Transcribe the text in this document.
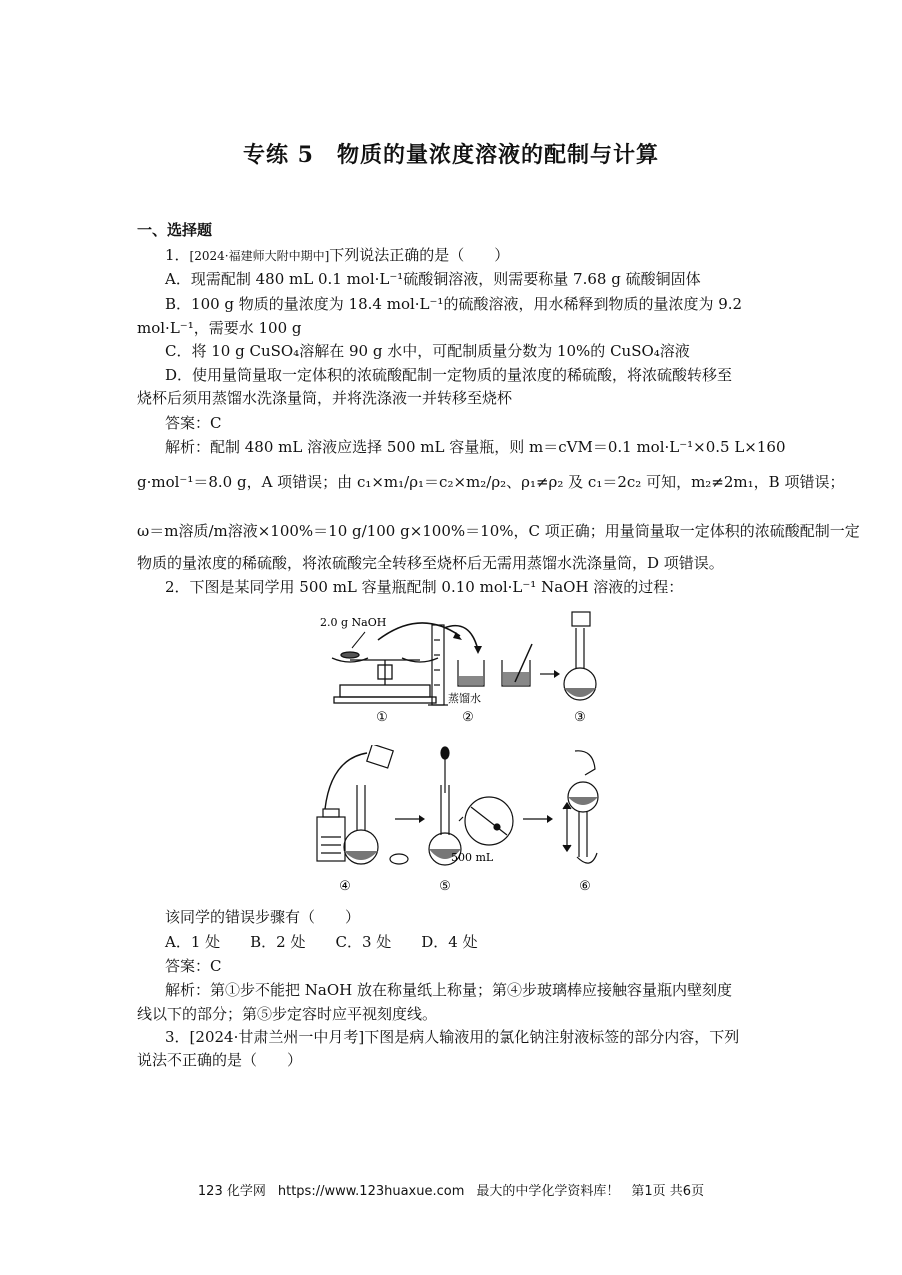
专练 5　物质的量浓度溶液的配制与计算
一、选择题
1．[2024·福建师大附中期中]下列说法正确的是（　　）
A．现需配制 480 mL 0.1 mol·L⁻¹硫酸铜溶液，则需要称量 7.68 g 硫酸铜固体
B．100 g 物质的量浓度为 18.4 mol·L⁻¹的硫酸溶液，用水稀释到物质的量浓度为 9.2
mol·L⁻¹，需要水 100 g
C．将 10 g CuSO₄溶解在 90 g 水中，可配制质量分数为 10%的 CuSO₄溶液
D．使用量筒量取一定体积的浓硫酸配制一定物质的量浓度的稀硫酸，将浓硫酸转移至
烧杯后须用蒸馏水洗涤量筒，并将洗涤液一并转移至烧杯
答案：C
解析：配制 480 mL 溶液应选择 500 mL 容量瓶，则 m＝cVM＝0.1 mol·L⁻¹×0.5 L×160
g·mol⁻¹＝8.0 g，A 项错误；由 c₁×m₁/ρ₁＝c₂×m₂/ρ₂、ρ₁≠ρ₂ 及 c₁＝2c₂ 可知，m₂≠2m₁，B 项错误；
ω＝m溶质/m溶液×100%＝10 g/100 g×100%＝10%，C 项正确；用量筒量取一定体积的浓硫酸配制一定
物质的量浓度的稀硫酸，将浓硫酸完全转移至烧杯后无需用蒸馏水洗涤量筒，D 项错误。
2．下图是某同学用 500 mL 容量瓶配制 0.10 mol·L⁻¹ NaOH 溶液的过程：
2.0 g NaOH
蒸馏水
①	②	③
④
500 mL
⑤	⑥
该同学的错误步骤有（　　）
A．1 处　　B．2 处　　C．3 处　　D．4 处
答案：C
解析：第①步不能把 NaOH 放在称量纸上称量；第④步玻璃棒应接触容量瓶内壁刻度
线以下的部分；第⑤步定容时应平视刻度线。
3．[2024·甘肃兰州一中月考]下图是病人输液用的氯化钠注射液标签的部分内容，下列
说法不正确的是（　　）
123 化学网 https://www.123huaxue.com 最大的中学化学资料库！ 第1页 共6页
